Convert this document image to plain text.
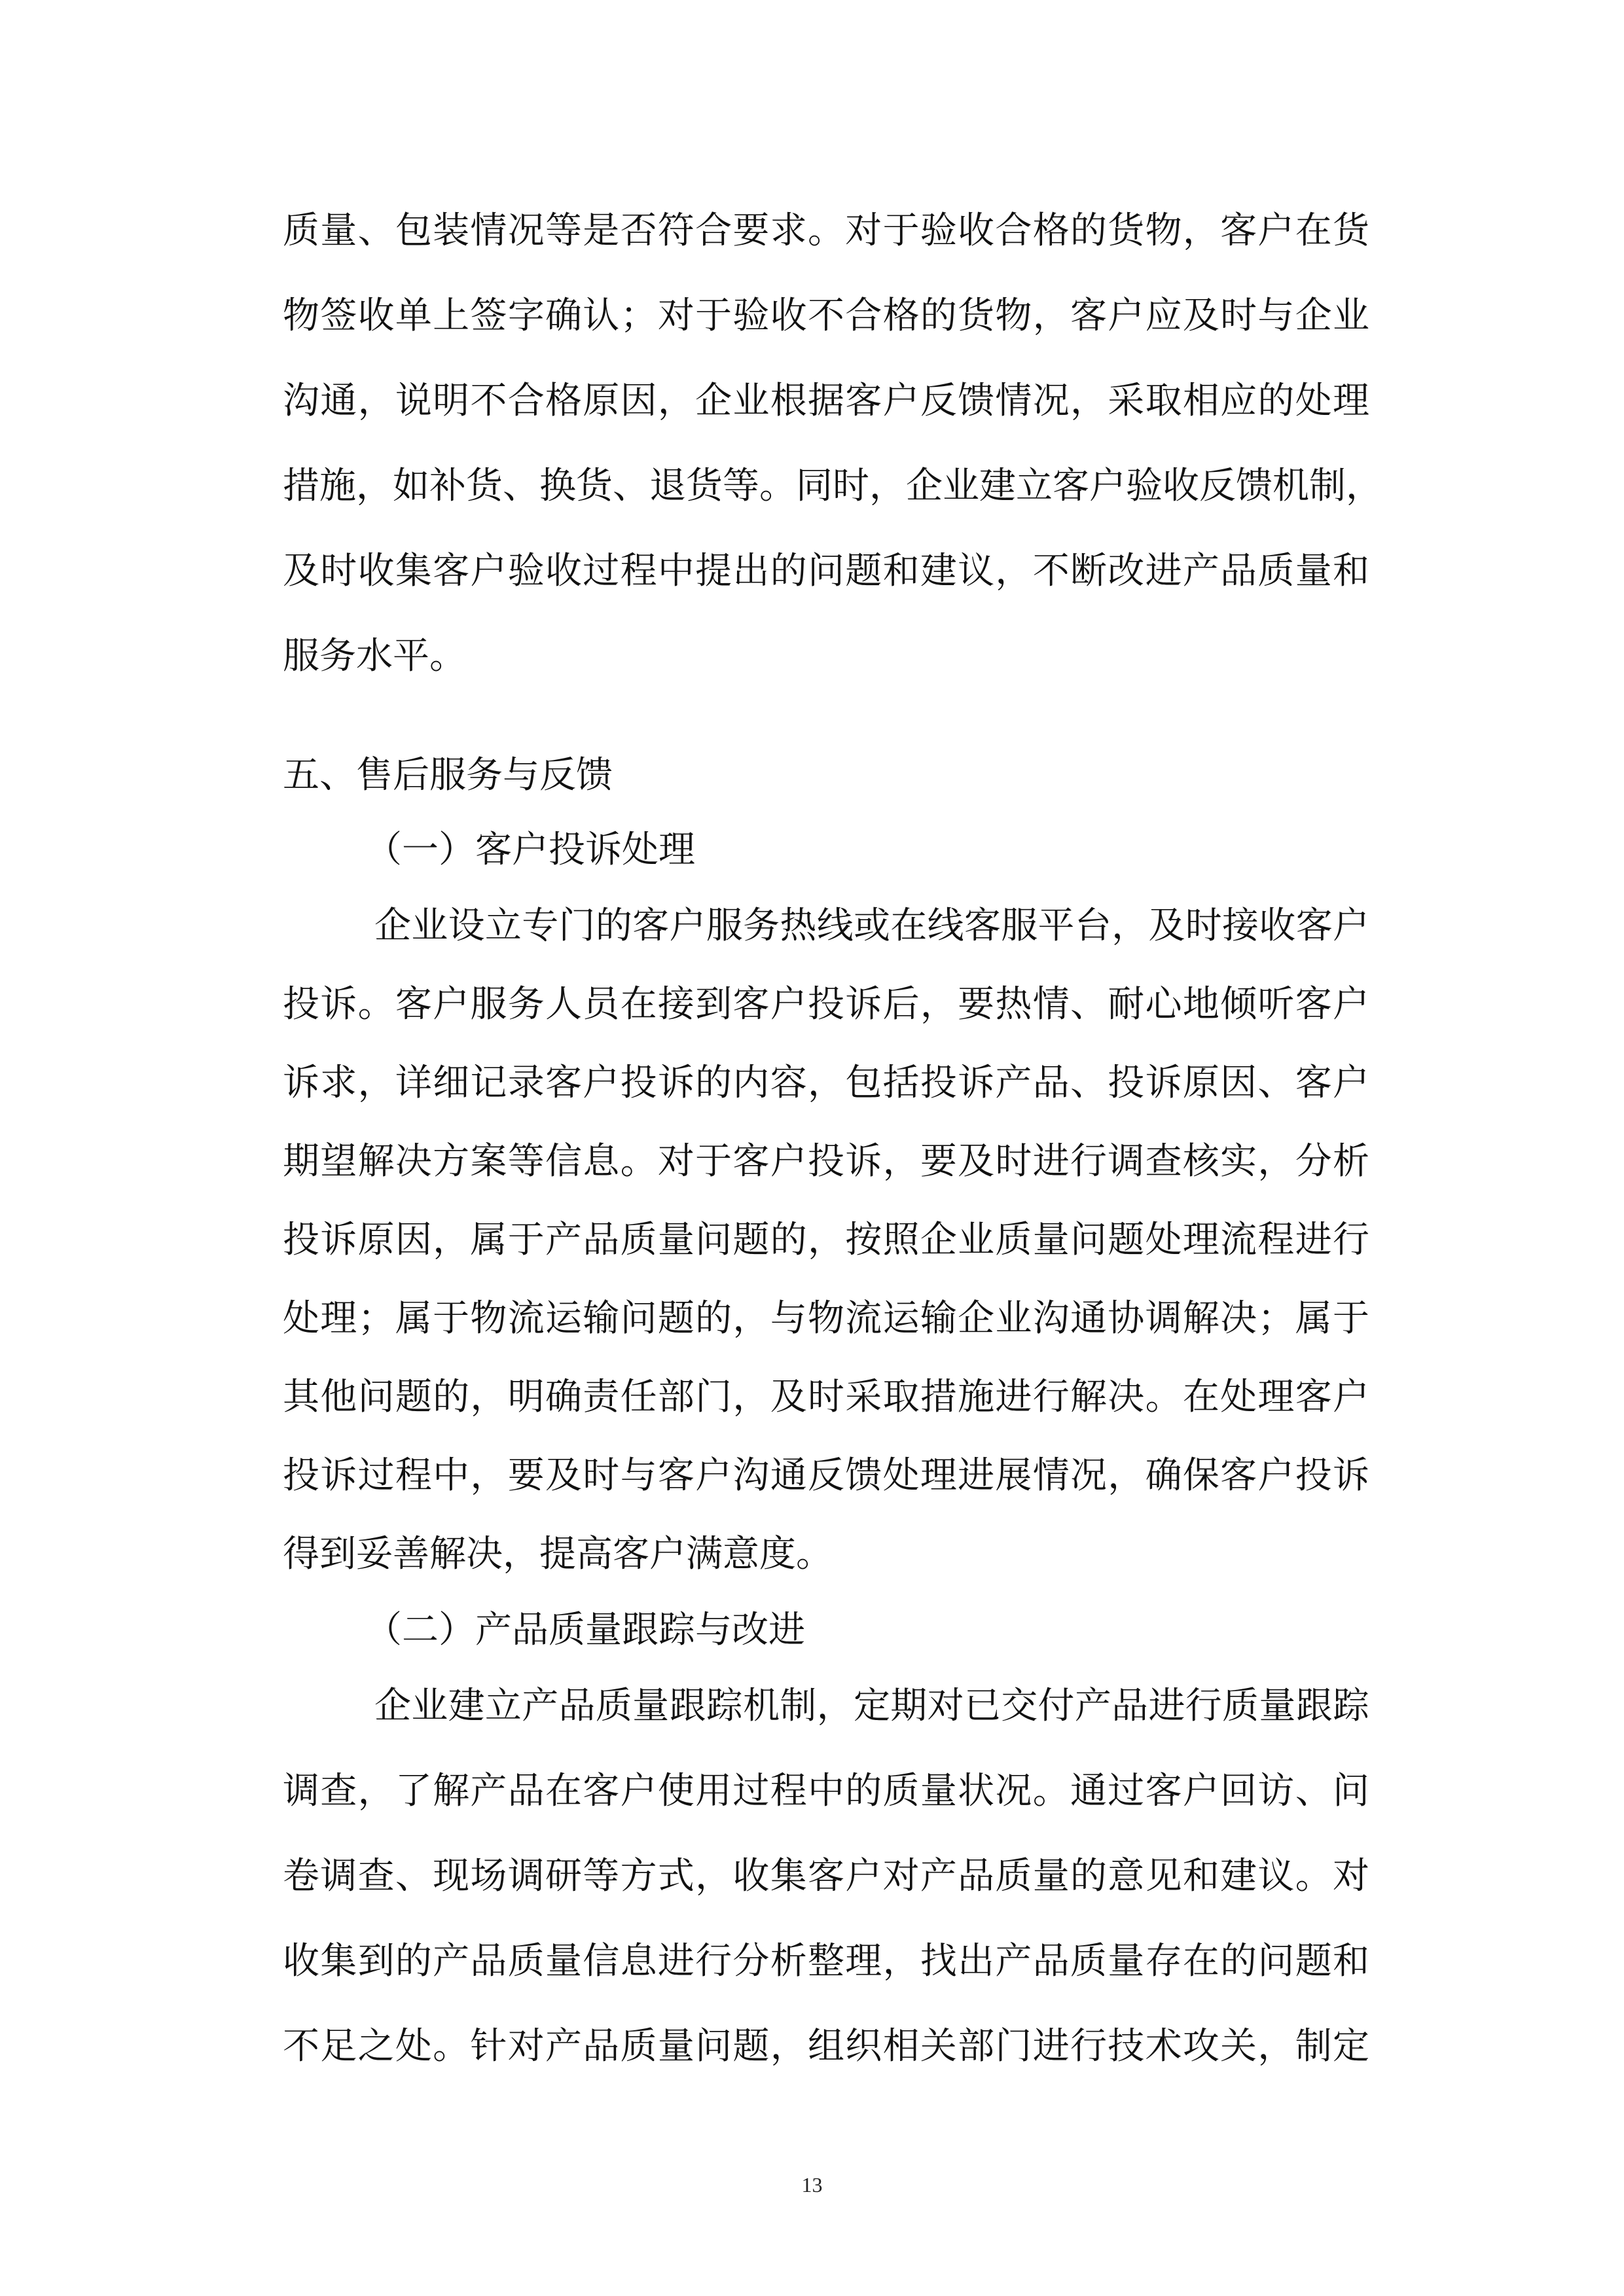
质量、包装情况等是否符合要求。对于验收合格的货物，客户在货
物签收单上签字确认；对于验收不合格的货物，客户应及时与企业
沟通，说明不合格原因，企业根据客户反馈情况，采取相应的处理
措施，如补货、换货、退货等。同时，企业建立客户验收反馈机制，
及时收集客户验收过程中提出的问题和建议，不断改进产品质量和
服务水平。
五、售后服务与反馈
（一）客户投诉处理
企业设立专门的客户服务热线或在线客服平台，及时接收客户
投诉。客户服务人员在接到客户投诉后，要热情、耐心地倾听客户
诉求，详细记录客户投诉的内容，包括投诉产品、投诉原因、客户
期望解决方案等信息。对于客户投诉，要及时进行调查核实，分析
投诉原因，属于产品质量问题的，按照企业质量问题处理流程进行
处理；属于物流运输问题的，与物流运输企业沟通协调解决；属于
其他问题的，明确责任部门，及时采取措施进行解决。在处理客户
投诉过程中，要及时与客户沟通反馈处理进展情况，确保客户投诉
得到妥善解决，提高客户满意度。
（二）产品质量跟踪与改进
企业建立产品质量跟踪机制，定期对已交付产品进行质量跟踪
调查，了解产品在客户使用过程中的质量状况。通过客户回访、问
卷调查、现场调研等方式，收集客户对产品质量的意见和建议。对
收集到的产品质量信息进行分析整理，找出产品质量存在的问题和
不足之处。针对产品质量问题，组织相关部门进行技术攻关，制定
13
